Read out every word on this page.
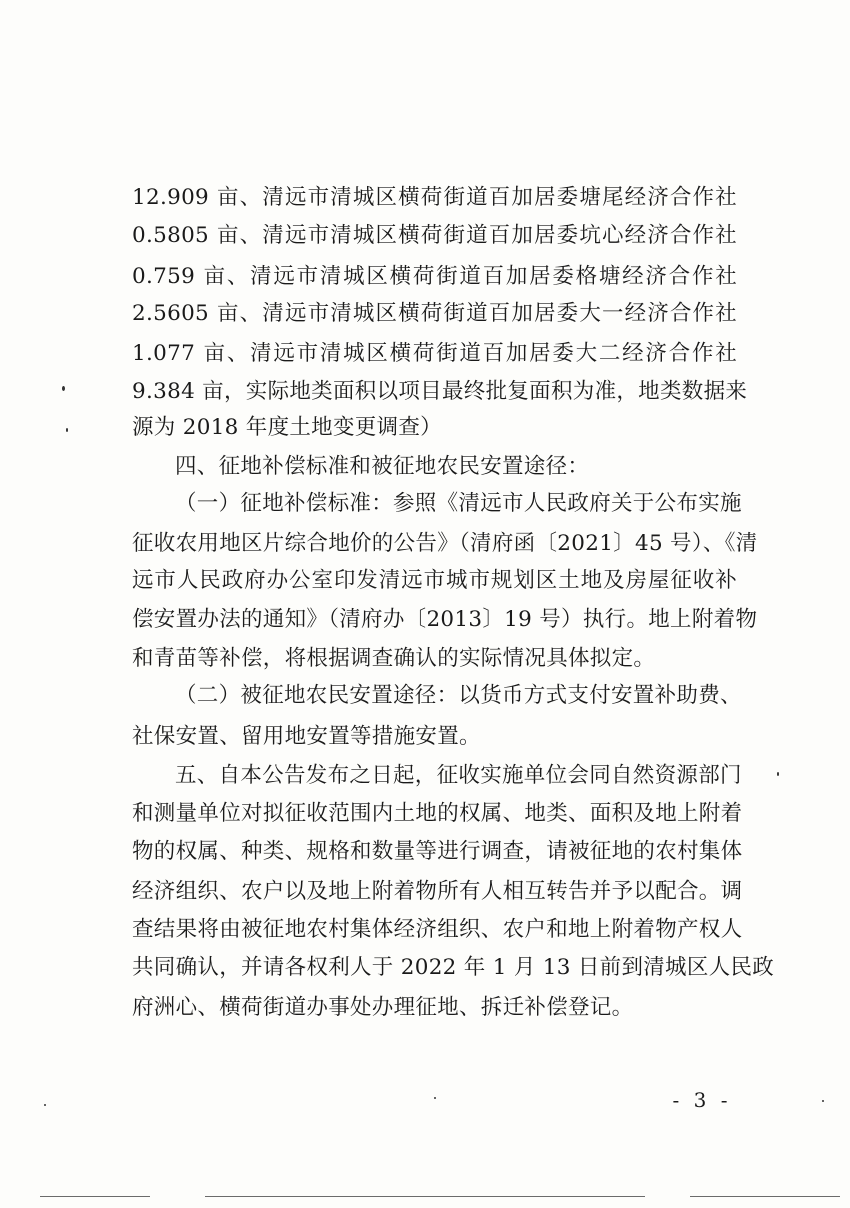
12.909 亩、清远市清城区横荷街道百加居委塘尾经济合作社
0.5805 亩、清远市清城区横荷街道百加居委坑心经济合作社
0.759 亩、清远市清城区横荷街道百加居委格塘经济合作社
2.5605 亩、清远市清城区横荷街道百加居委大一经济合作社
1.077 亩、清远市清城区横荷街道百加居委大二经济合作社
9.384 亩，实际地类面积以项目最终批复面积为准，地类数据来
源为 2018 年度土地变更调查）
四、征地补偿标准和被征地农民安置途径：
（一）征地补偿标准：参照《清远市人民政府关于公布实施
征收农用地区片综合地价的公告》（清府函〔2021〕45 号）、《清
远市人民政府办公室印发清远市城市规划区土地及房屋征收补
偿安置办法的通知》（清府办〔2013〕19 号）执行。地上附着物
和青苗等补偿，将根据调查确认的实际情况具体拟定。
（二）被征地农民安置途径：以货币方式支付安置补助费、
社保安置、留用地安置等措施安置。
五、自本公告发布之日起，征收实施单位会同自然资源部门
和测量单位对拟征收范围内土地的权属、地类、面积及地上附着
物的权属、种类、规格和数量等进行调查，请被征地的农村集体
经济组织、农户以及地上附着物所有人相互转告并予以配合。调
查结果将由被征地农村集体经济组织、农户和地上附着物产权人
共同确认，并请各权利人于 2022 年 1 月 13 日前到清城区人民政
府洲心、横荷街道办事处办理征地、拆迁补偿登记。
- 3 -
